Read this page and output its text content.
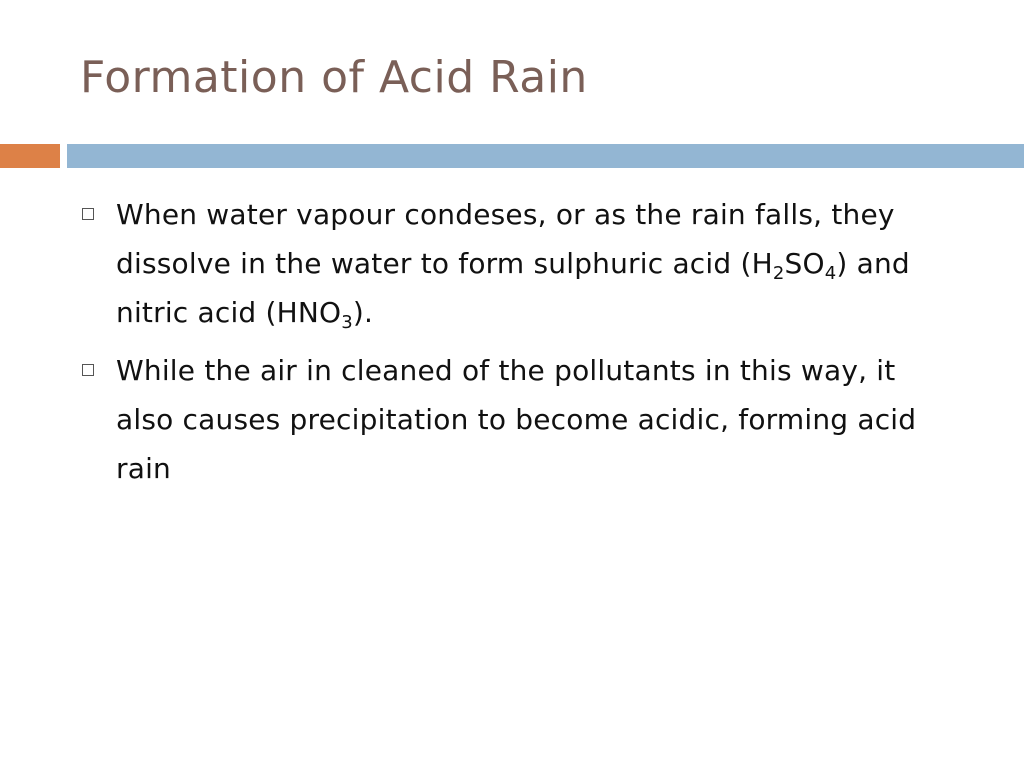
Formation of Acid Rain
When water vapour condeses, or as the rain falls, they dissolve in the water to form sulphuric acid $(H_2SO_4)$ and nitric acid $(HNO_3)$.
While the air in cleaned of the pollutants in this way, it also causes precipitation to become acidic, forming acid rain
